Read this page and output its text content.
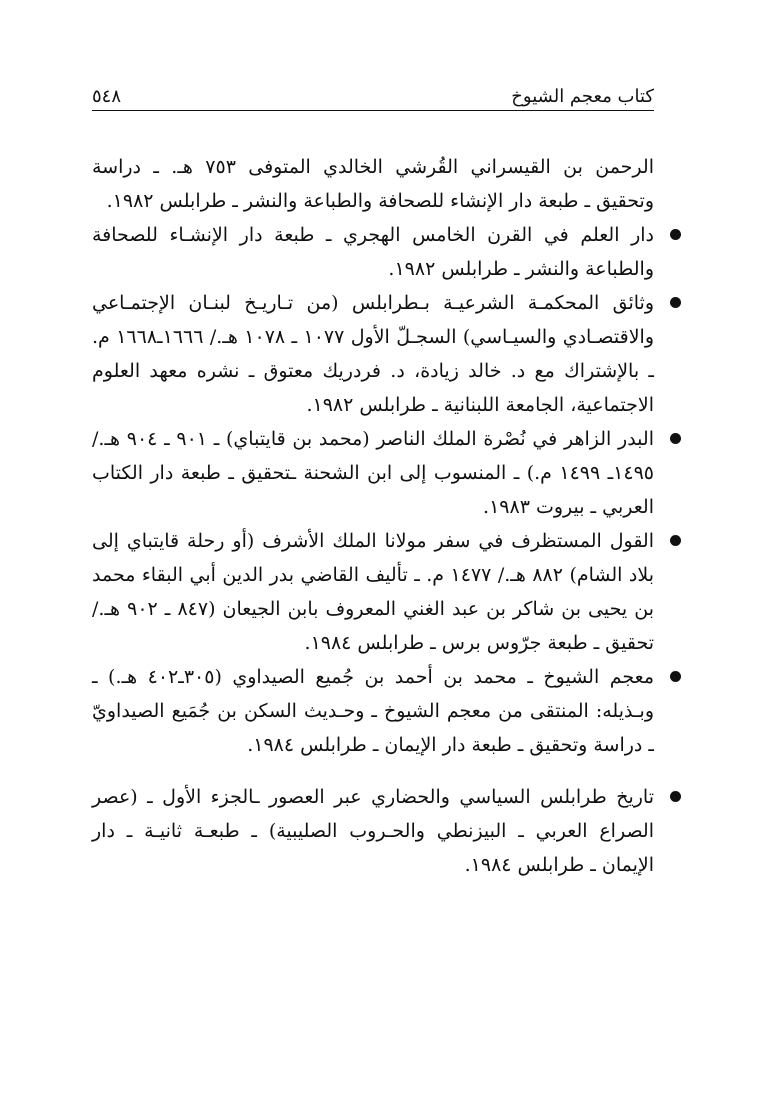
٥٤٨	كتاب معجم الشيوخ

الرحمن بن القيسراني القُرشي الخالدي المتوفى ٧٥٣ هـ. ـ دراسة وتحقيق ـ طبعة دار الإنشاء للصحافة والطباعة والنشر ـ طرابلس ١٩٨٢.

دار العلم في القرن الخامس الهجري ـ طبعة دار الإنشـاء للصحافة والطباعة والنشر ـ طرابلس ١٩٨٢.
وثائق المحكمـة الشرعيـة بـطرابلس (من تـاريـخ لبنـان الإجتمـاعي والاقتصـادي والسيـاسي) السجـلّ الأول ١٠٧٧ ـ ١٠٧٨ هـ./ ١٦٦٦ـ١٦٦٨ م. ـ بالإشتراك مع د. خالد زيادة، د. فردريك معتوق ـ نشره معهد العلوم الاجتماعية، الجامعة اللبنانية ـ طرابلس ١٩٨٢.
البدر الزاهر في نُصْرة الملك الناصر (محمد بن قايتباي) ـ ٩٠١ ـ ٩٠٤ هـ./ ١٤٩٥ـ ١٤٩٩ م.) ـ المنسوب إلى ابن الشحنة ـتحقيق ـ طبعة دار الكتاب العربي ـ بيروت ١٩٨٣.
القول المستظرف في سفر مولانا الملك الأشرف (أو رحلة قايتباي إلى بلاد الشام) ٨٨٢ هـ./ ١٤٧٧ م. ـ تأليف القاضي بدر الدين أبي البقاء محمد بن يحيى بن شاكر بن عبد الغني المعروف بابن الجيعان (٨٤٧ ـ ٩٠٢ هـ./ تحقيق ـ طبعة جرّوس برس ـ طرابلس ١٩٨٤.
معجم الشيوخ ـ محمد بن أحمد بن جُميع الصيداوي (٣٠٥ـ٤٠٢ هـ.) ـ وبـذيله: المنتقى من معجم الشيوخ ـ وحـديث السكن بن جُمَيع الصيداويّ ـ دراسة وتحقيق ـ طبعة دار الإيمان ـ طرابلس ١٩٨٤.
تاريخ طرابلس السياسي والحضاري عبر العصور ـالجزء الأول ـ (عصر الصراع العربي ـ البيزنطي والحـروب الصليبية) ـ طبعـة ثانيـة ـ دار الإيمان ـ طرابلس ١٩٨٤.
